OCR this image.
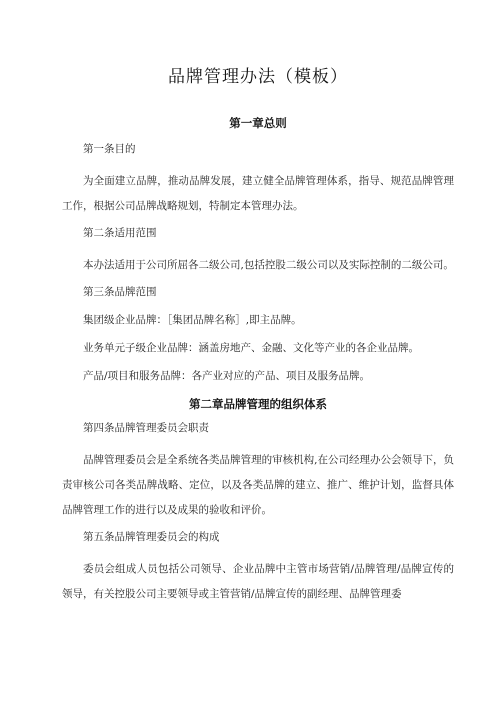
品牌管理办法（模板）
第一章总则

第一条目的

为全面建立品牌，推动品牌发展，建立健全品牌管理体系，指导、规范品牌管理工作，根据公司品牌战略规划，特制定本管理办法。

第二条适用范围

本办法适用于公司所屈各二级公司,包括控股二级公司以及实际控制的二级公司。

第三条品牌范围

集团级企业品牌：［集团品牌名称］,即主品牌。

业务单元子级企业品牌：涵盖房地产、金融、文化等产业的各企业品牌。

产品/项目和服务品牌：各产业对应的产品、项目及服务品牌。

第二章品牌管理的组织体系

第四条品牌管理委员会职责

品牌管理委员会是全系统各类品牌管理的审核机构,在公司经理办公会领导下，负责审核公司各类品牌战略、定位，以及各类品牌的建立、推广、维护计划，监督具体品牌管理工作的进行以及成果的验收和评价。

第五条品牌管理委员会的构成

委员会组成人员包括公司领导、企业品牌中主管市场营销/品牌管理/品牌宣传的领导，有关控股公司主要领导或主管营销/品牌宣传的副经理、品牌管理委
